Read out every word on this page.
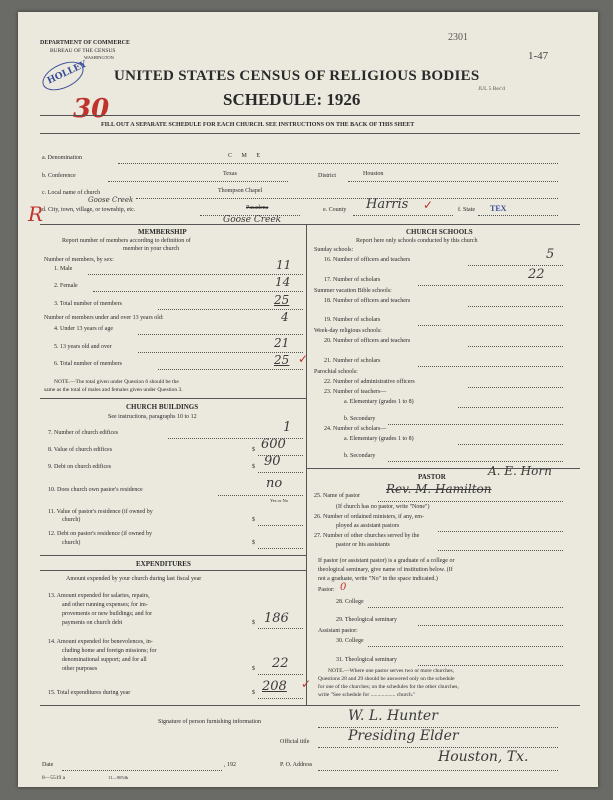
DEPARTMENT OF COMMERCE
BUREAU OF THE CENSUS
WASHINGTON
2301
1-47
JUL 5 Rec'd
HOLLEY
30
R
UNITED STATES CENSUS OF RELIGIOUS BODIES
SCHEDULE: 1926
FILL OUT A SEPARATE SCHEDULE FOR EACH CHURCH. SEE INSTRUCTIONS ON THE BACK OF THIS SHEET
a. Denomination	C M E
b. Conference	Texas	District	Houston
c. Local name of church	Thompson Chapel
d. City, town, village, or township, etc.
Goose Creek
Pasadena
Goose Creek
e. County Harris ✓	f. State TEX
MEMBERSHIP
Report number of members according to definition of
member in your church
Number of members, by sex:
1. Male	11
2. Female	14
3. Total number of members	25
Number of members under and over 13 years old:	4
4. Under 13 years of age
5. 13 years old and over	21
6. Total number of members	25 ✓
NOTE.—The total given under Question 6 should be the
same as the total of males and females given under Question 3.
CHURCH BUILDINGS
See instructions, paragraphs 10 to 12
7. Number of church edifices	1
8. Value of church edifices	$ 600
9. Debt on church edifices	$ 90
10. Does church own pastor's residence	no
Yes or No
11. Value of pastor's residence (if owned by
church)	$
12. Debt on pastor's residence (if owned by
church)	$
EXPENDITURES
Amount expended by your church during last fiscal year
13. Amount expended for salaries, repairs,
and other running expenses; for im-
provements or new buildings; and for
payments on church debt	$ 186
14. Amount expended for benevolences, in-
cluding home and foreign missions; for
denominational support; and for all
other purposes	$ 22
15. Total expenditures during year	$ 208 ✓
CHURCH SCHOOLS
Report here only schools conducted by this church
Sunday schools:
16. Number of officers and teachers	5
17. Number of scholars	22
Summer vacation Bible schools:
18. Number of officers and teachers
19. Number of scholars
Week-day religious schools:
20. Number of officers and teachers
21. Number of scholars
Parochial schools:
22. Number of administrative officers
23. Number of teachers—
a. Elementary (grades 1 to 8)
b. Secondary
24. Number of scholars—
a. Elementary (grades 1 to 8)
b. Secondary
PASTOR	A. E. Horn
25. Name of pastor Rev. M. Hamilton
(If church has no pastor, write "None")
26. Number of ordained ministers, if any, em-
ployed as assistant pastors
27. Number of other churches served by the
pastor or his assistants
If pastor (or assistant pastor) is a graduate of a college or
theological seminary, give name of institution below. (If
not a graduate, write "No" in the space indicated.)
Pastor: 0
28. College
29. Theological seminary
Assistant pastor:
30. College
31. Theological seminary
NOTE.—Where one pastor serves two or more churches,
Questions 28 and 29 should be answered only on the schedule
for one of the churches; on the schedules for the other churches,
write "See schedule for .................. church."
Signature of person furnishing information	W. L. Hunter
Official title	Presiding Elder
Date	, 192	P. O. Address	Houston, Tx.
8—5519 a	11—9054b
